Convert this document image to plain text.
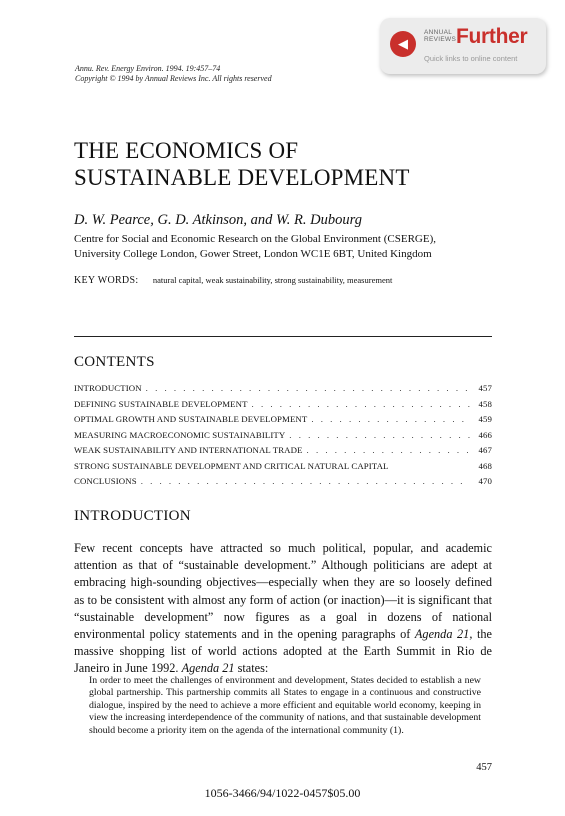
◀
ANNUAL
REVIEWS Further
Quick links to online content
Annu. Rev. Energy Environ. 1994. 19:457–74
Copyright © 1994 by Annual Reviews Inc. All rights reserved
THE ECONOMICS OF
SUSTAINABLE DEVELOPMENT
D. W. Pearce, G. D. Atkinson, and W. R. Dubourg
Centre for Social and Economic Research on the Global Environment (CSERGE),
University College London, Gower Street, London WC1E 6BT, United Kingdom
KEY WORDS: natural capital, weak sustainability, strong sustainability, measurement
CONTENTS
INTRODUCTION . . .	457
DEFINING SUSTAINABLE DEVELOPMENT . . .	458
OPTIMAL GROWTH AND SUSTAINABLE DEVELOPMENT . . .	459
MEASURING MACROECONOMIC SUSTAINABILITY . . .	466
WEAK SUSTAINABILITY AND INTERNATIONAL TRADE . . .	467
STRONG SUSTAINABLE DEVELOPMENT AND CRITICAL NATURAL CAPITAL	468
CONCLUSIONS . . .	470
INTRODUCTION

Few recent concepts have attracted so much political, popular, and academic attention as that of “sustainable development.” Although politicians are adept at embracing high-sounding objectives—especially when they are so loosely defined as to be consistent with almost any form of action (or inaction)—it is significant that “sustainable development” now figures as a goal in dozens of national environmental policy statements and in the opening paragraphs of Agenda 21, the massive shopping list of world actions adopted at the Earth Summit in Rio de Janeiro in June 1992. Agenda 21 states:

In order to meet the challenges of environment and development, States decided to establish a new global partnership. This partnership commits all States to engage in a continuous and constructive dialogue, inspired by the need to achieve a more efficient and equitable world economy, keeping in view the increasing interdependence of the community of nations, and that sustainable development should become a priority item on the agenda of the international community (1).

457
1056-3466/94/1022-0457$05.00
